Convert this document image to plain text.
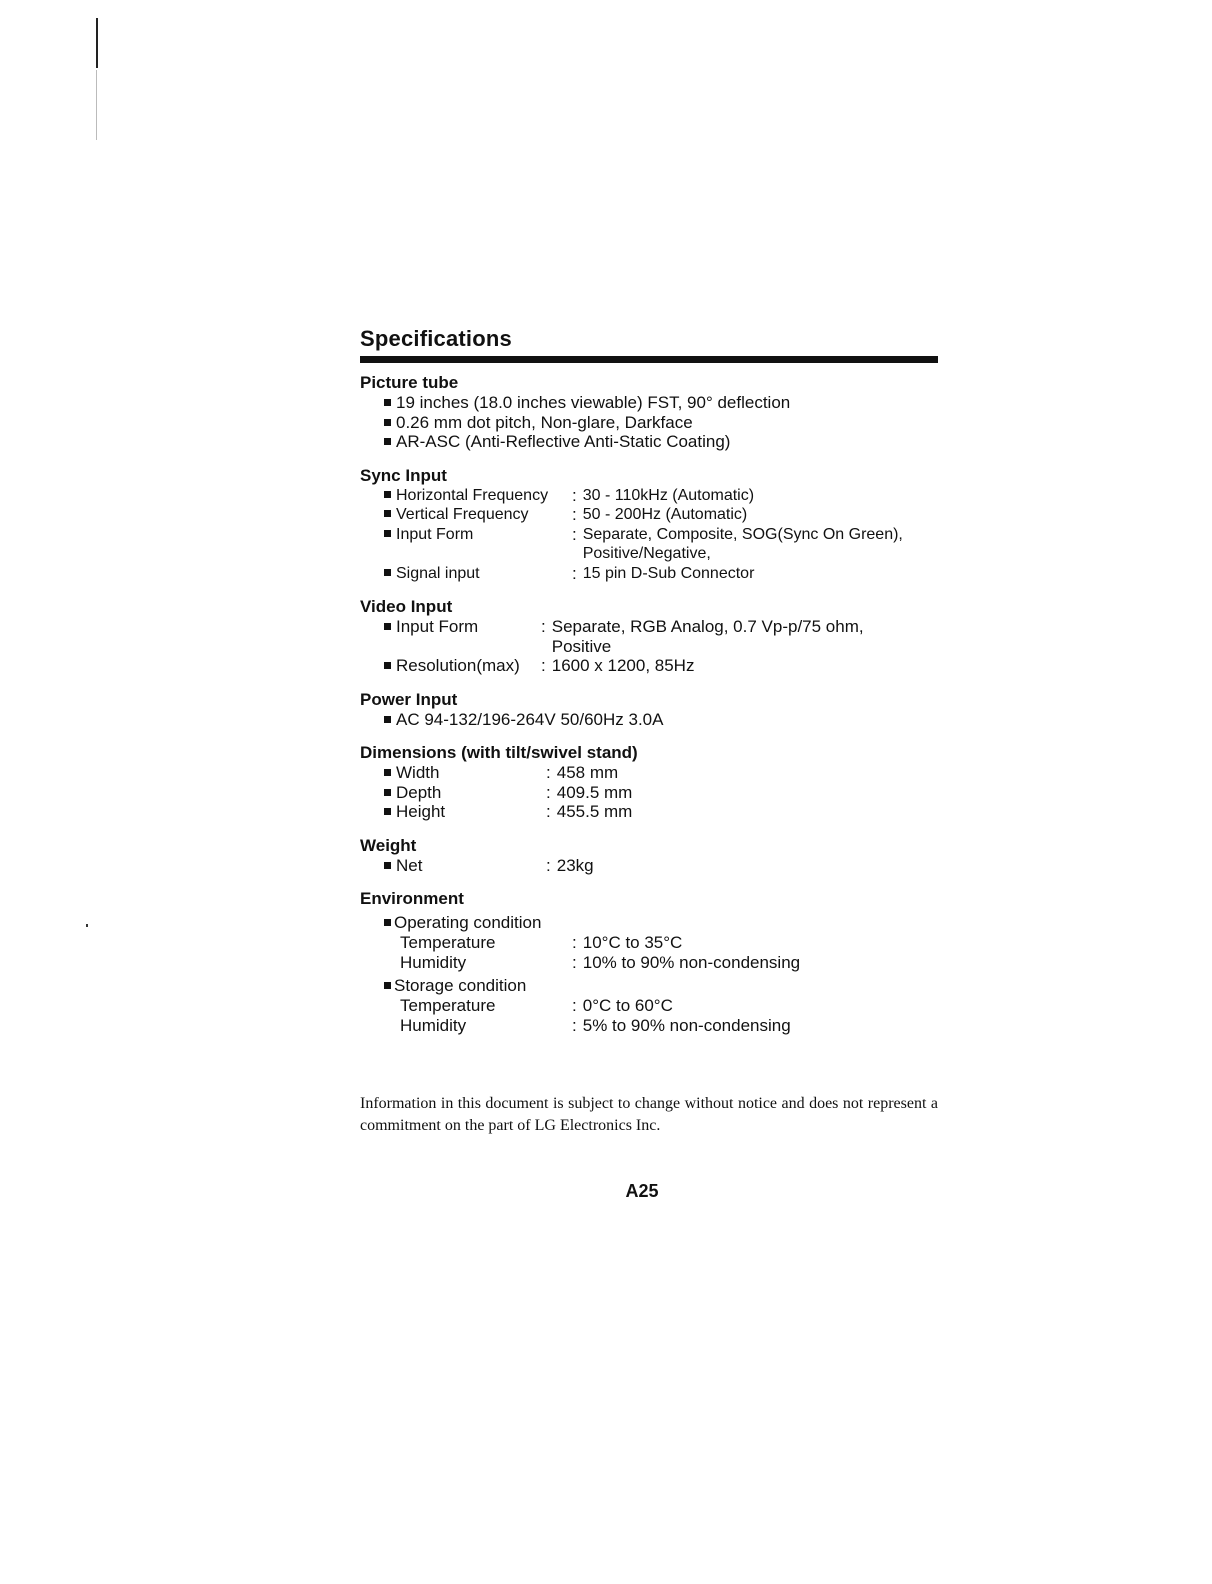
Specifications
Picture tube
19 inches (18.0 inches viewable) FST, 90° deflection
0.26 mm dot pitch, Non-glare, Darkface
AR-ASC (Anti-Reflective Anti-Static Coating)
Sync Input
Horizontal Frequency	: 30 - 110kHz (Automatic)
Vertical Frequency	: 50 - 200Hz (Automatic)
Input Form	: Separate, Composite, SOG(Sync On Green),
Positive/Negative,
Signal input	: 15 pin D-Sub Connector
Video Input
Input Form	: Separate, RGB Analog, 0.7 Vp-p/75 ohm,
Positive
Resolution(max)	: 1600 x 1200, 85Hz
Power Input
AC 94-132/196-264V 50/60Hz 3.0A
Dimensions (with tilt/swivel stand)
Width	: 458 mm
Depth	: 409.5 mm
Height	: 455.5 mm
Weight
Net	: 23kg
Environment
Operating condition
Temperature	: 10°C to 35°C
Humidity	: 10% to 90% non-condensing
Storage condition
Temperature	: 0°C to 60°C
Humidity	: 5% to 90% non-condensing
Information in this document is subject to change without notice and does not represent a commitment on the part of LG Electronics Inc.
A25
